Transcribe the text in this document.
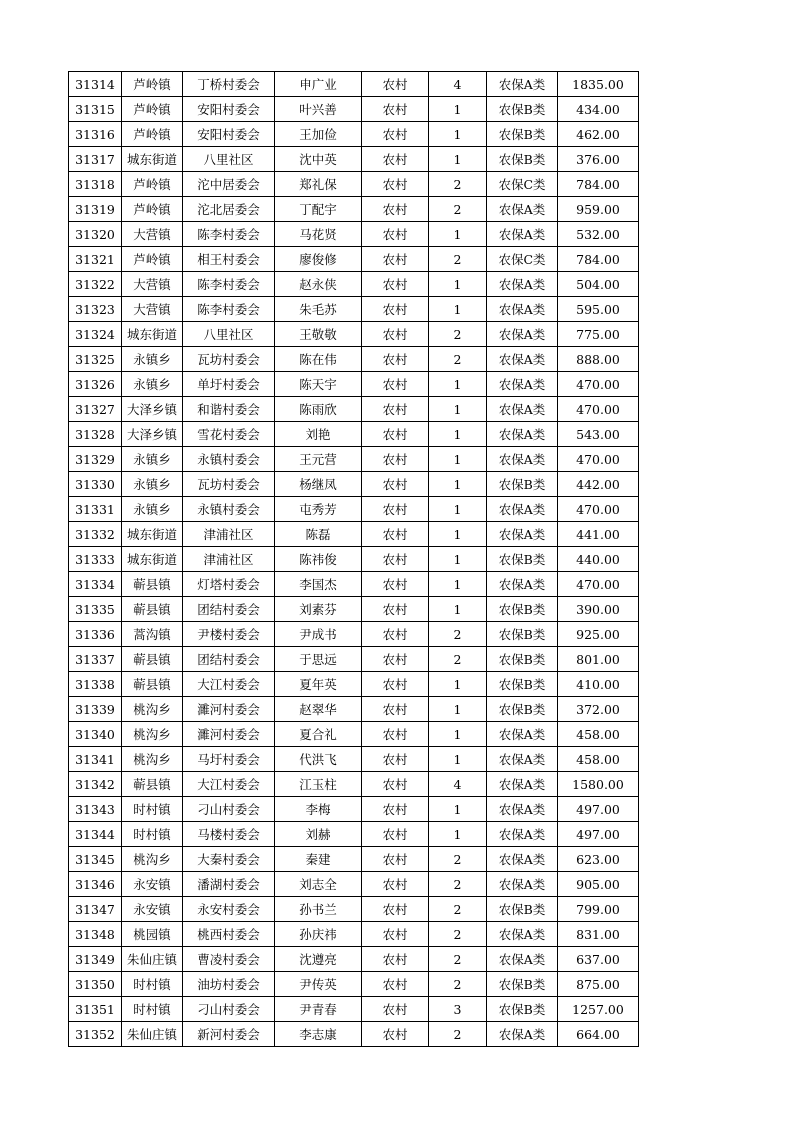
31314	芦岭镇	丁桥村委会	申广业	农村	4	农保A类	1835.00
31315	芦岭镇	安阳村委会	叶兴善	农村	1	农保B类	434.00
31316	芦岭镇	安阳村委会	王加俭	农村	1	农保B类	462.00
31317	城东街道	八里社区	沈中英	农村	1	农保B类	376.00
31318	芦岭镇	沱中居委会	郑礼保	农村	2	农保C类	784.00
31319	芦岭镇	沱北居委会	丁配宇	农村	2	农保A类	959.00
31320	大营镇	陈李村委会	马花贤	农村	1	农保A类	532.00
31321	芦岭镇	相王村委会	廖俊修	农村	2	农保C类	784.00
31322	大营镇	陈李村委会	赵永侠	农村	1	农保A类	504.00
31323	大营镇	陈李村委会	朱毛苏	农村	1	农保A类	595.00
31324	城东街道	八里社区	王敬敬	农村	2	农保A类	775.00
31325	永镇乡	瓦坊村委会	陈在伟	农村	2	农保A类	888.00
31326	永镇乡	单圩村委会	陈天宇	农村	1	农保A类	470.00
31327	大泽乡镇	和谐村委会	陈雨欣	农村	1	农保A类	470.00
31328	大泽乡镇	雪花村委会	刘艳	农村	1	农保A类	543.00
31329	永镇乡	永镇村委会	王元营	农村	1	农保A类	470.00
31330	永镇乡	瓦坊村委会	杨继凤	农村	1	农保B类	442.00
31331	永镇乡	永镇村委会	屯秀芳	农村	1	农保A类	470.00
31332	城东街道	津浦社区	陈磊	农村	1	农保A类	441.00
31333	城东街道	津浦社区	陈祎俊	农村	1	农保B类	440.00
31334	蕲县镇	灯塔村委会	李国杰	农村	1	农保A类	470.00
31335	蕲县镇	团结村委会	刘素芬	农村	1	农保B类	390.00
31336	蒿沟镇	尹楼村委会	尹成书	农村	2	农保B类	925.00
31337	蕲县镇	团结村委会	于思远	农村	2	农保B类	801.00
31338	蕲县镇	大江村委会	夏年英	农村	1	农保B类	410.00
31339	桃沟乡	濉河村委会	赵翠华	农村	1	农保B类	372.00
31340	桃沟乡	濉河村委会	夏合礼	农村	1	农保A类	458.00
31341	桃沟乡	马圩村委会	代洪飞	农村	1	农保A类	458.00
31342	蕲县镇	大江村委会	江玉柱	农村	4	农保A类	1580.00
31343	时村镇	刁山村委会	李梅	农村	1	农保A类	497.00
31344	时村镇	马楼村委会	刘赫	农村	1	农保A类	497.00
31345	桃沟乡	大秦村委会	秦建	农村	2	农保A类	623.00
31346	永安镇	潘湖村委会	刘志全	农村	2	农保A类	905.00
31347	永安镇	永安村委会	孙书兰	农村	2	农保B类	799.00
31348	桃园镇	桃西村委会	孙庆祎	农村	2	农保A类	831.00
31349	朱仙庄镇	曹凌村委会	沈遵亮	农村	2	农保A类	637.00
31350	时村镇	油坊村委会	尹传英	农村	2	农保B类	875.00
31351	时村镇	刁山村委会	尹青春	农村	3	农保B类	1257.00
31352	朱仙庄镇	新河村委会	李志康	农村	2	农保A类	664.00
